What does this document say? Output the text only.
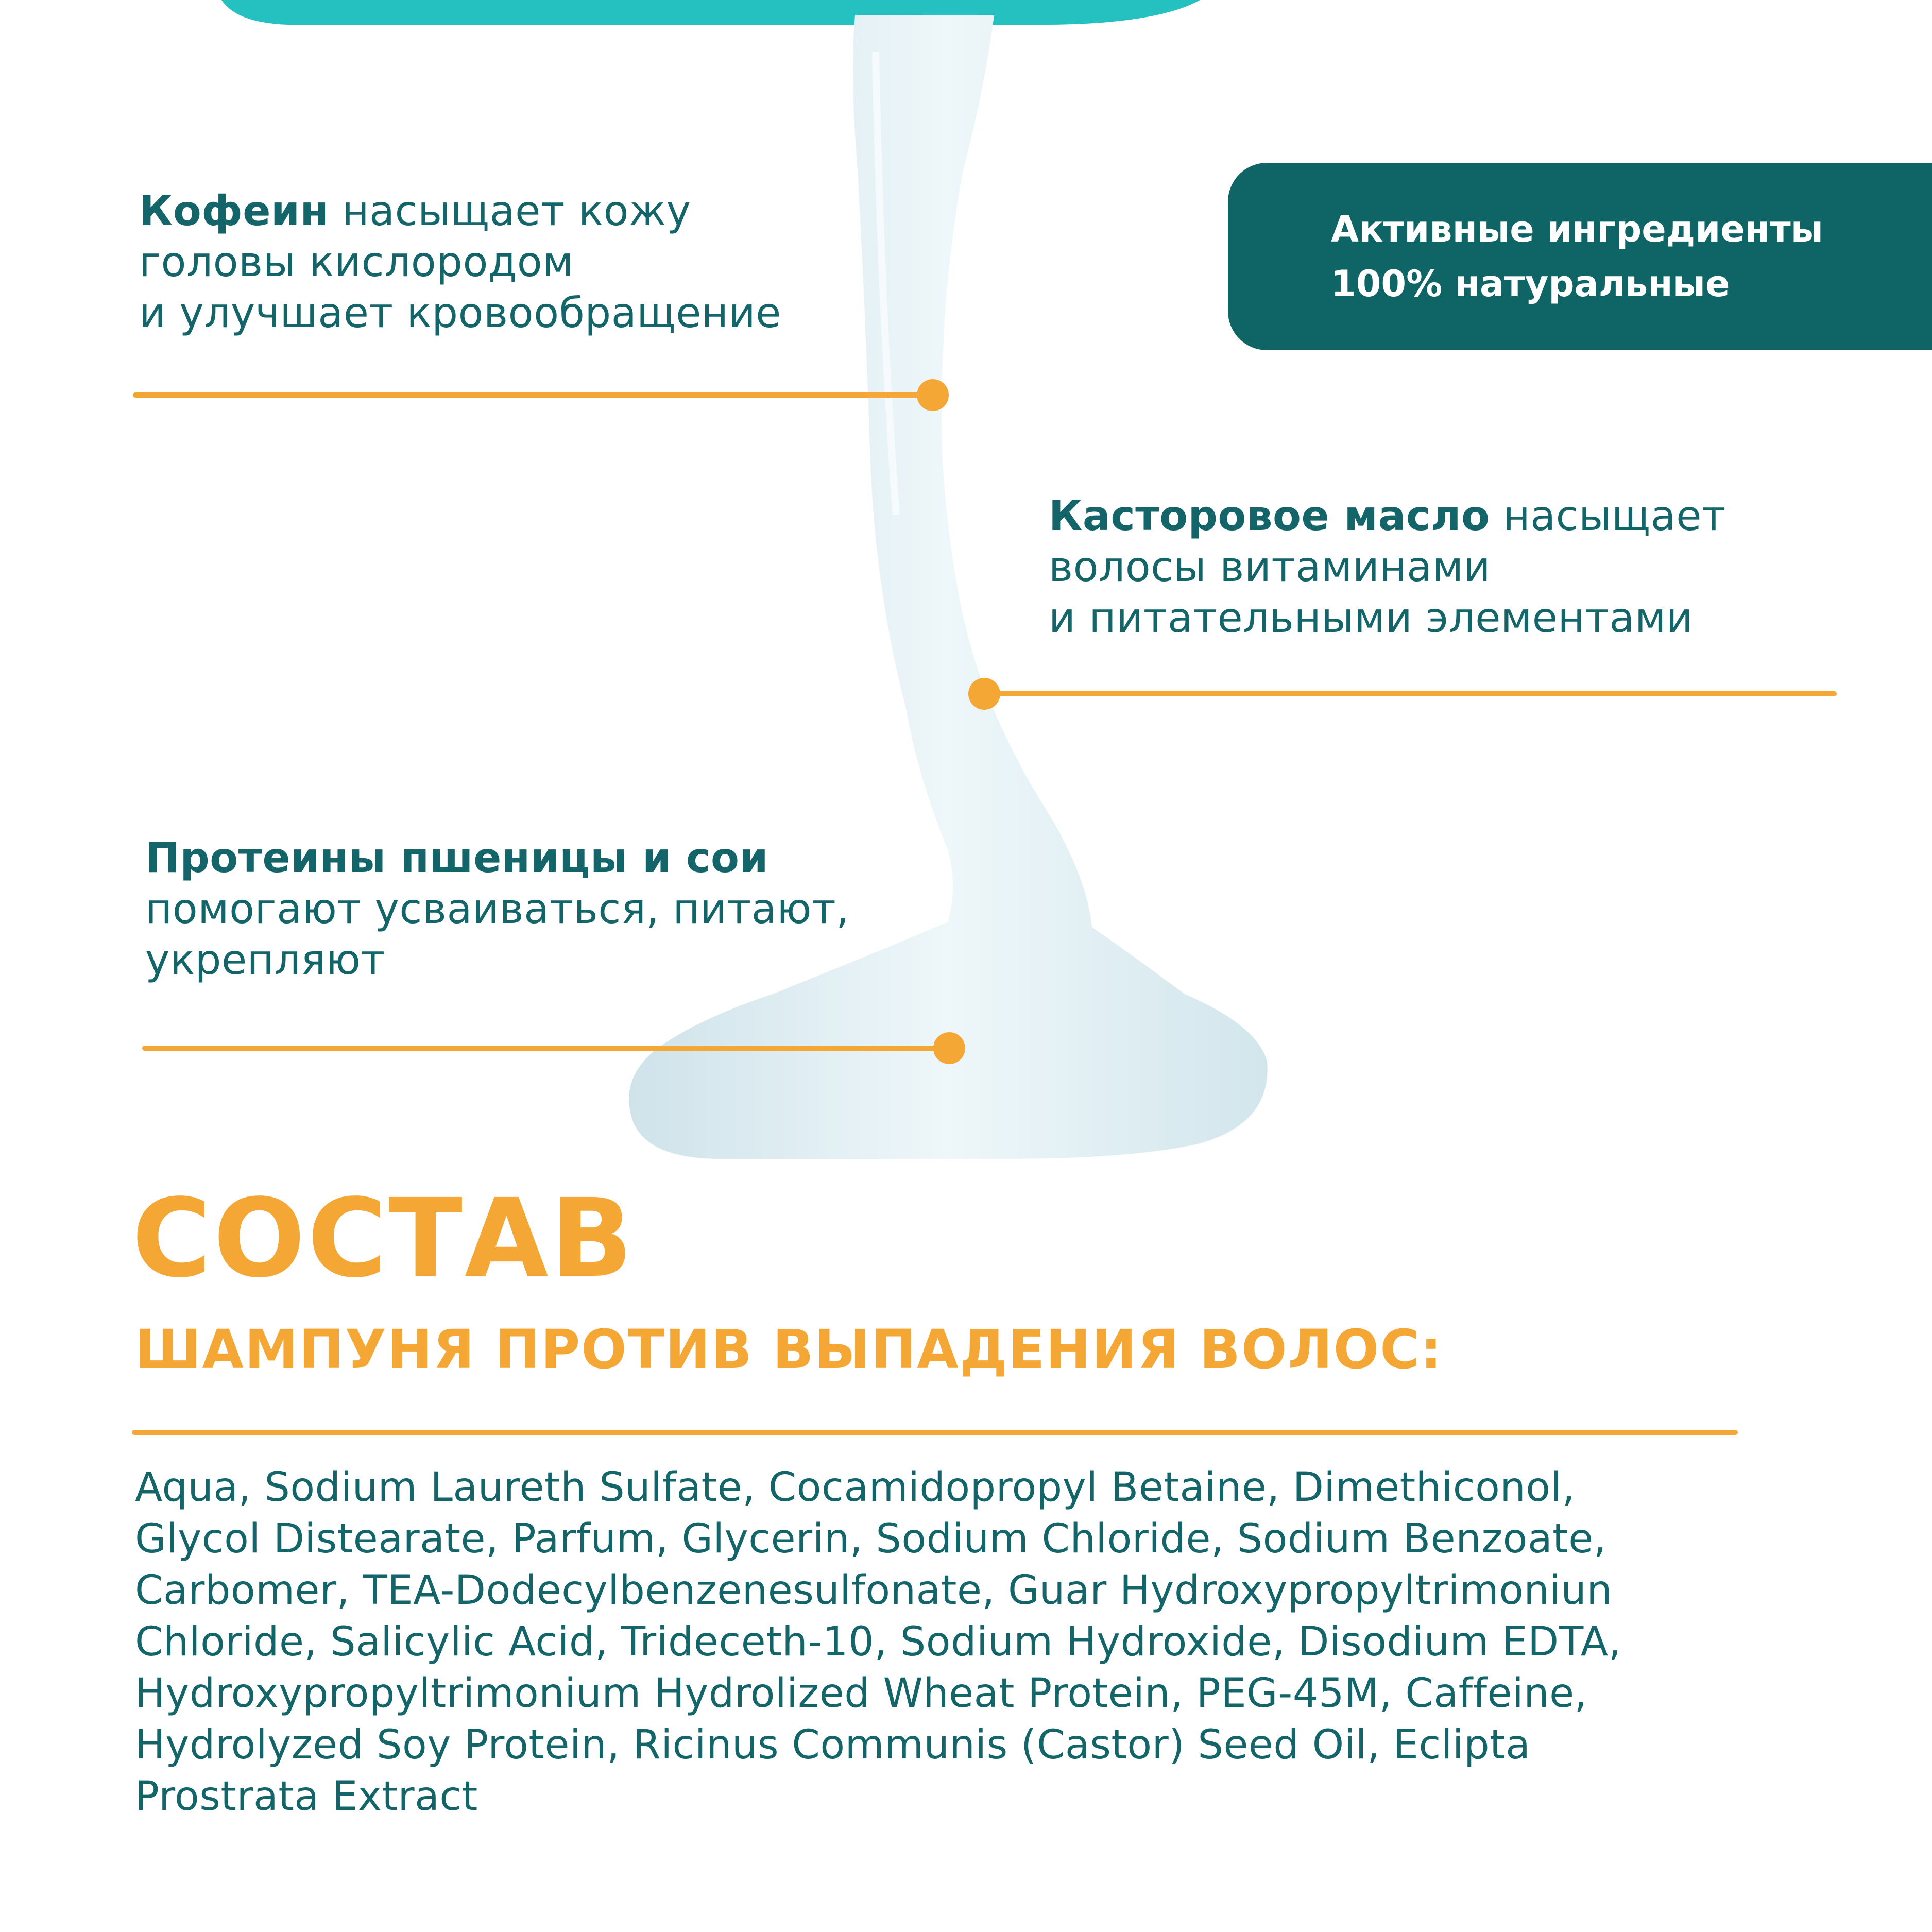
Кофеин насыщает кожу
головы кислородом
и улучшает кровообращение
Касторовое масло насыщает
волосы витаминами
и питательными элементами
Протеины пшеницы и сои
помогают усваиваться, питают,
укрепляют
Активные ингредиенты
100% натуральные
СОСТАВ
ШАМПУНЯ ПРОТИВ ВЫПАДЕНИЯ ВОЛОС:
Aqua, Sodium Laureth Sulfate, Cocamidopropyl Betaine, Dimethiconol,
Glycol Distearate, Parfum, Glycerin, Sodium Chloride, Sodium Benzoate,
Carbomer, TEA-Dodecylbenzenesulfonate, Guar Hydroxypropyltrimoniun
Chloride, Salicylic Acid, Trideceth-10, Sodium Hydroxide, Disodium EDTA,
Hydroxypropyltrimonium Hydrolized Wheat Protein, PEG-45M, Caffeine,
Hydrolyzed Soy Protein, Ricinus Communis (Castor) Seed Oil, Eclipta
Prostrata Extract
